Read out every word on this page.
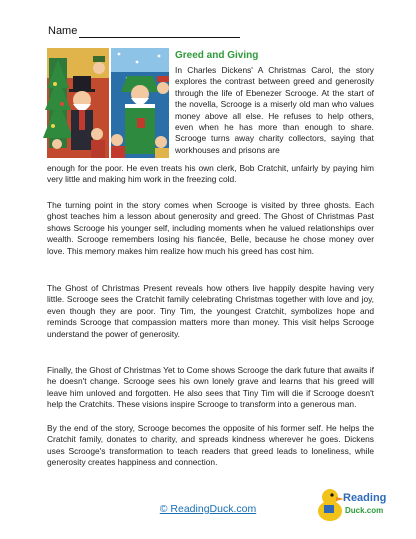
Name
Greed and Giving

In Charles Dickens' A Christmas Carol, the story explores the contrast between greed and generosity through the life of Ebenezer Scrooge. At the start of the novella, Scrooge is a miserly old man who values money above all else. He refuses to help others, even when he has more than enough to share. Scrooge turns away charity collectors, saying that workhouses and prisons are

enough for the poor. He even treats his own clerk, Bob Cratchit, unfairly by paying him very little and making him work in the freezing cold.

The turning point in the story comes when Scrooge is visited by three ghosts. Each ghost teaches him a lesson about generosity and greed. The Ghost of Christmas Past shows Scrooge his younger self, including moments when he valued relationships over wealth. Scrooge remembers losing his fiancée, Belle, because he chose money over love. This memory makes him realize how much his greed has cost him.

The Ghost of Christmas Present reveals how others live happily despite having very little. Scrooge sees the Cratchit family celebrating Christmas together with love and joy, even though they are poor. Tiny Tim, the youngest Cratchit, symbolizes hope and reminds Scrooge that compassion matters more than money. This visit helps Scrooge understand the power of generosity.

Finally, the Ghost of Christmas Yet to Come shows Scrooge the dark future that awaits if he doesn't change. Scrooge sees his own lonely grave and learns that his greed will leave him unloved and forgotten. He also sees that Tiny Tim will die if Scrooge doesn't help the Cratchits. These visions inspire Scrooge to transform into a generous man.

By the end of the story, Scrooge becomes the opposite of his former self. He helps the Cratchit family, donates to charity, and spreads kindness wherever he goes. Dickens uses Scrooge's transformation to teach readers that greed leads to loneliness, while generosity creates happiness and connection.

© ReadingDuck.com
Reading
Duck.com
